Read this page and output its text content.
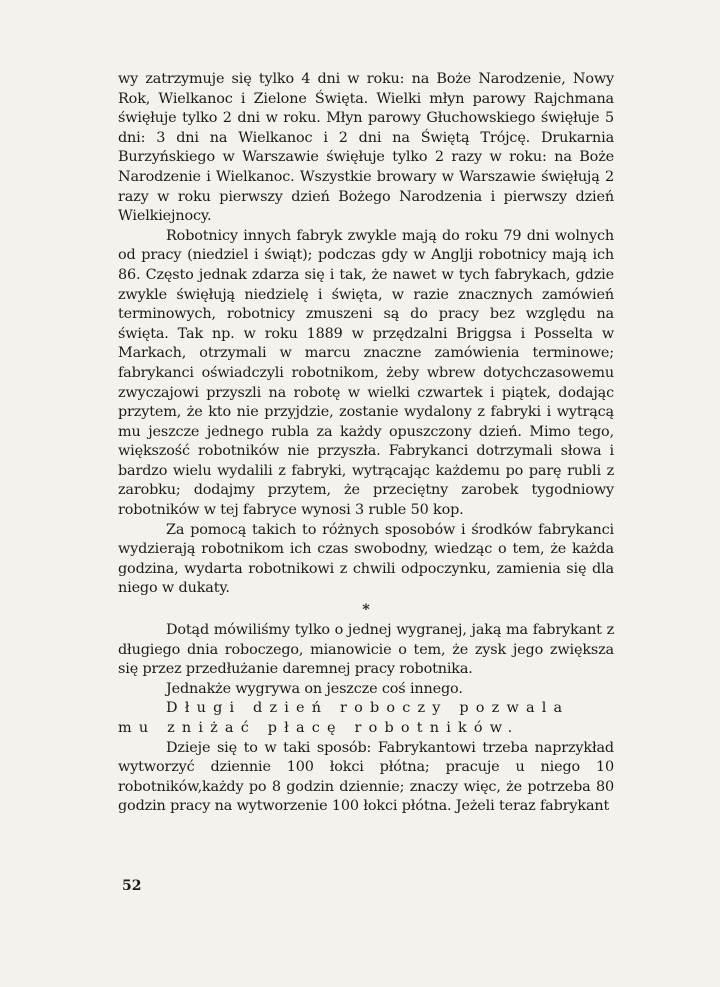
wy zatrzymuje się tylko 4 dni w roku: na Boże Narodzenie, Nowy Rok, Wielkanoc i Zielone Święta. Wielki młyn parowy Rajchmana święłuje tylko 2 dni w roku. Młyn parowy Głuchowskiego święłuje 5 dni: 3 dni na Wielkanoc i 2 dni na Świętą Trójcę. Drukarnia Burzyńskiego w Warszawie święłuje tylko 2 razy w roku: na Boże Narodzenie i Wielkanoc. Wszystkie browary w Warszawie święłują 2 razy w roku pierwszy dzień Bożego Narodzenia i pierwszy dzień Wielkiejnocy.

Robotnicy innych fabryk zwykle mają do roku 79 dni wolnych od pracy (niedziel i świąt); podczas gdy w Anglji robotnicy mają ich 86. Często jednak zdarza się i tak, że nawet w tych fabrykach, gdzie zwykle święłują niedzielę i święta, w razie znacznych zamówień terminowych, robotnicy zmuszeni są do pracy bez względu na święta. Tak np. w roku 1889 w przędzalni Briggsa i Posselta w Markach, otrzymali w marcu znaczne zamówienia terminowe; fabrykanci oświadczyli robotnikom, żeby wbrew dotychczasowemu zwyczajowi przyszli na robotę w wielki czwartek i piątek, dodając przytem, że kto nie przyjdzie, zostanie wydalony z fabryki i wytrącą mu jeszcze jednego rubla za każdy opuszczony dzień. Mimo tego, większość robotników nie przyszła. Fabrykanci dotrzymali słowa i bardzo wielu wydalili z fabryki, wytrącając każdemu po parę rubli z zarobku; dodajmy przytem, że przeciętny zarobek tygodniowy robotników w tej fabryce wynosi 3 ruble 50 kop.

Za pomocą takich to różnych sposobów i środków fabrykanci wydzierają robotnikom ich czas swobodny, wiedząc o tem, że każda godzina, wydarta robotnikowi z chwili odpoczynku, zamienia się dla niego w dukaty.

*

Dotąd mówiliśmy tylko o jednej wygranej, jaką ma fabrykant z długiego dnia roboczego, mianowicie o tem, że zysk jego zwiększa się przez przedłużanie daremnej pracy robotnika.

Jednakże wygrywa on jeszcze coś innego.

Długi dzień roboczy pozwala mu zniżać płacę robotników.

Dzieje się to w taki sposób: Fabrykantowi trzeba naprzykład wytworzyć dziennie 100 łokci płótna; pracuje u niego 10 robotników,każdy po 8 godzin dziennie; znaczy więc, że potrzeba 80 godzin pracy na wytworzenie 100 łokci płótna. Jeżeli teraz fabrykant

52
